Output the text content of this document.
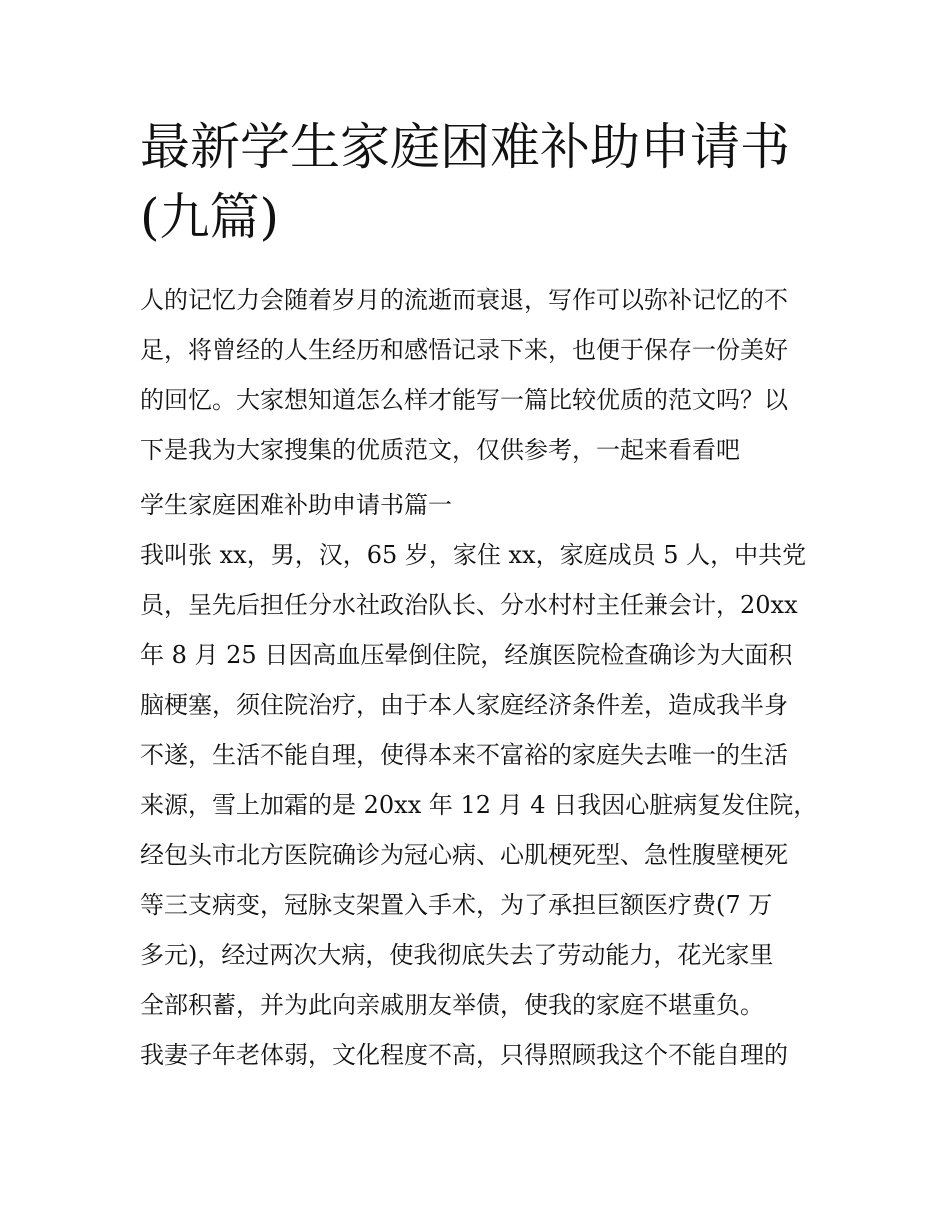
最新学生家庭困难补助申请书
(九篇)
人的记忆力会随着岁月的流逝而衰退，写作可以弥补记忆的不
足，将曾经的人生经历和感悟记录下来，也便于保存一份美好
的回忆。大家想知道怎么样才能写一篇比较优质的范文吗？以
下是我为大家搜集的优质范文，仅供参考，一起来看看吧
学生家庭困难补助申请书篇一
我叫张 xx，男，汉，65 岁，家住 xx，家庭成员 5 人，中共党
员，呈先后担任分水社政治队长、分水村村主任兼会计，20xx
年 8 月 25 日因高血压晕倒住院，经旗医院检查确诊为大面积
脑梗塞，须住院治疗，由于本人家庭经济条件差，造成我半身
不遂，生活不能自理，使得本来不富裕的家庭失去唯一的生活
来源，雪上加霜的是 20xx 年 12 月 4 日我因心脏病复发住院，
经包头市北方医院确诊为冠心病、心肌梗死型、急性腹壁梗死
等三支病变，冠脉支架置入手术，为了承担巨额医疗费(7 万
多元)，经过两次大病，使我彻底失去了劳动能力，花光家里
全部积蓄，并为此向亲戚朋友举债，使我的家庭不堪重负。
我妻子年老体弱，文化程度不高，只得照顾我这个不能自理的
